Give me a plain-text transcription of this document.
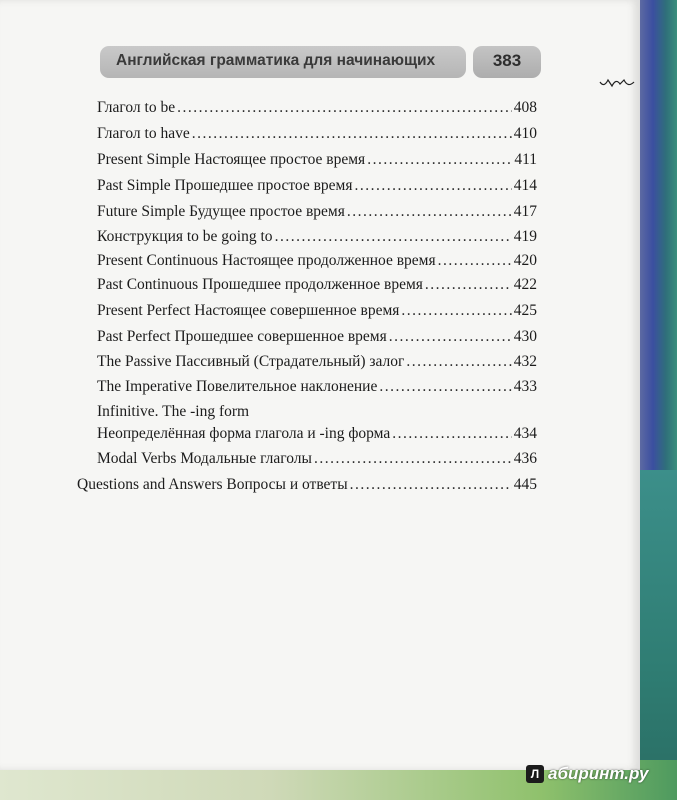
Английская грамматика для начинающих	383
Глагол to be .....	408
Глагол to have .....	410
Present Simple Настоящее простое время .....	411
Past Simple Прошедшее простое время .....	414
Future Simple Будущее простое время .....	417
Конструкция to be going to .....	419
Present Continuous Настоящее продолженное время .....	420
Past Continuous Прошедшее продолженное время .....	422
Present Perfect Настоящее совершенное время .....	425
Past Perfect Прошедшее совершенное время .....	430
The Passive Пассивный (Страдательный) залог .....	432
The Imperative Повелительное наклонение .....	433
Infinitive. The -ing form
Неопределённая форма глагола и -ing форма .....	434
Modal Verbs Модальные глаголы .....	436
Questions and Answers Вопросы и ответы .....	445
Л абиринт.ру
